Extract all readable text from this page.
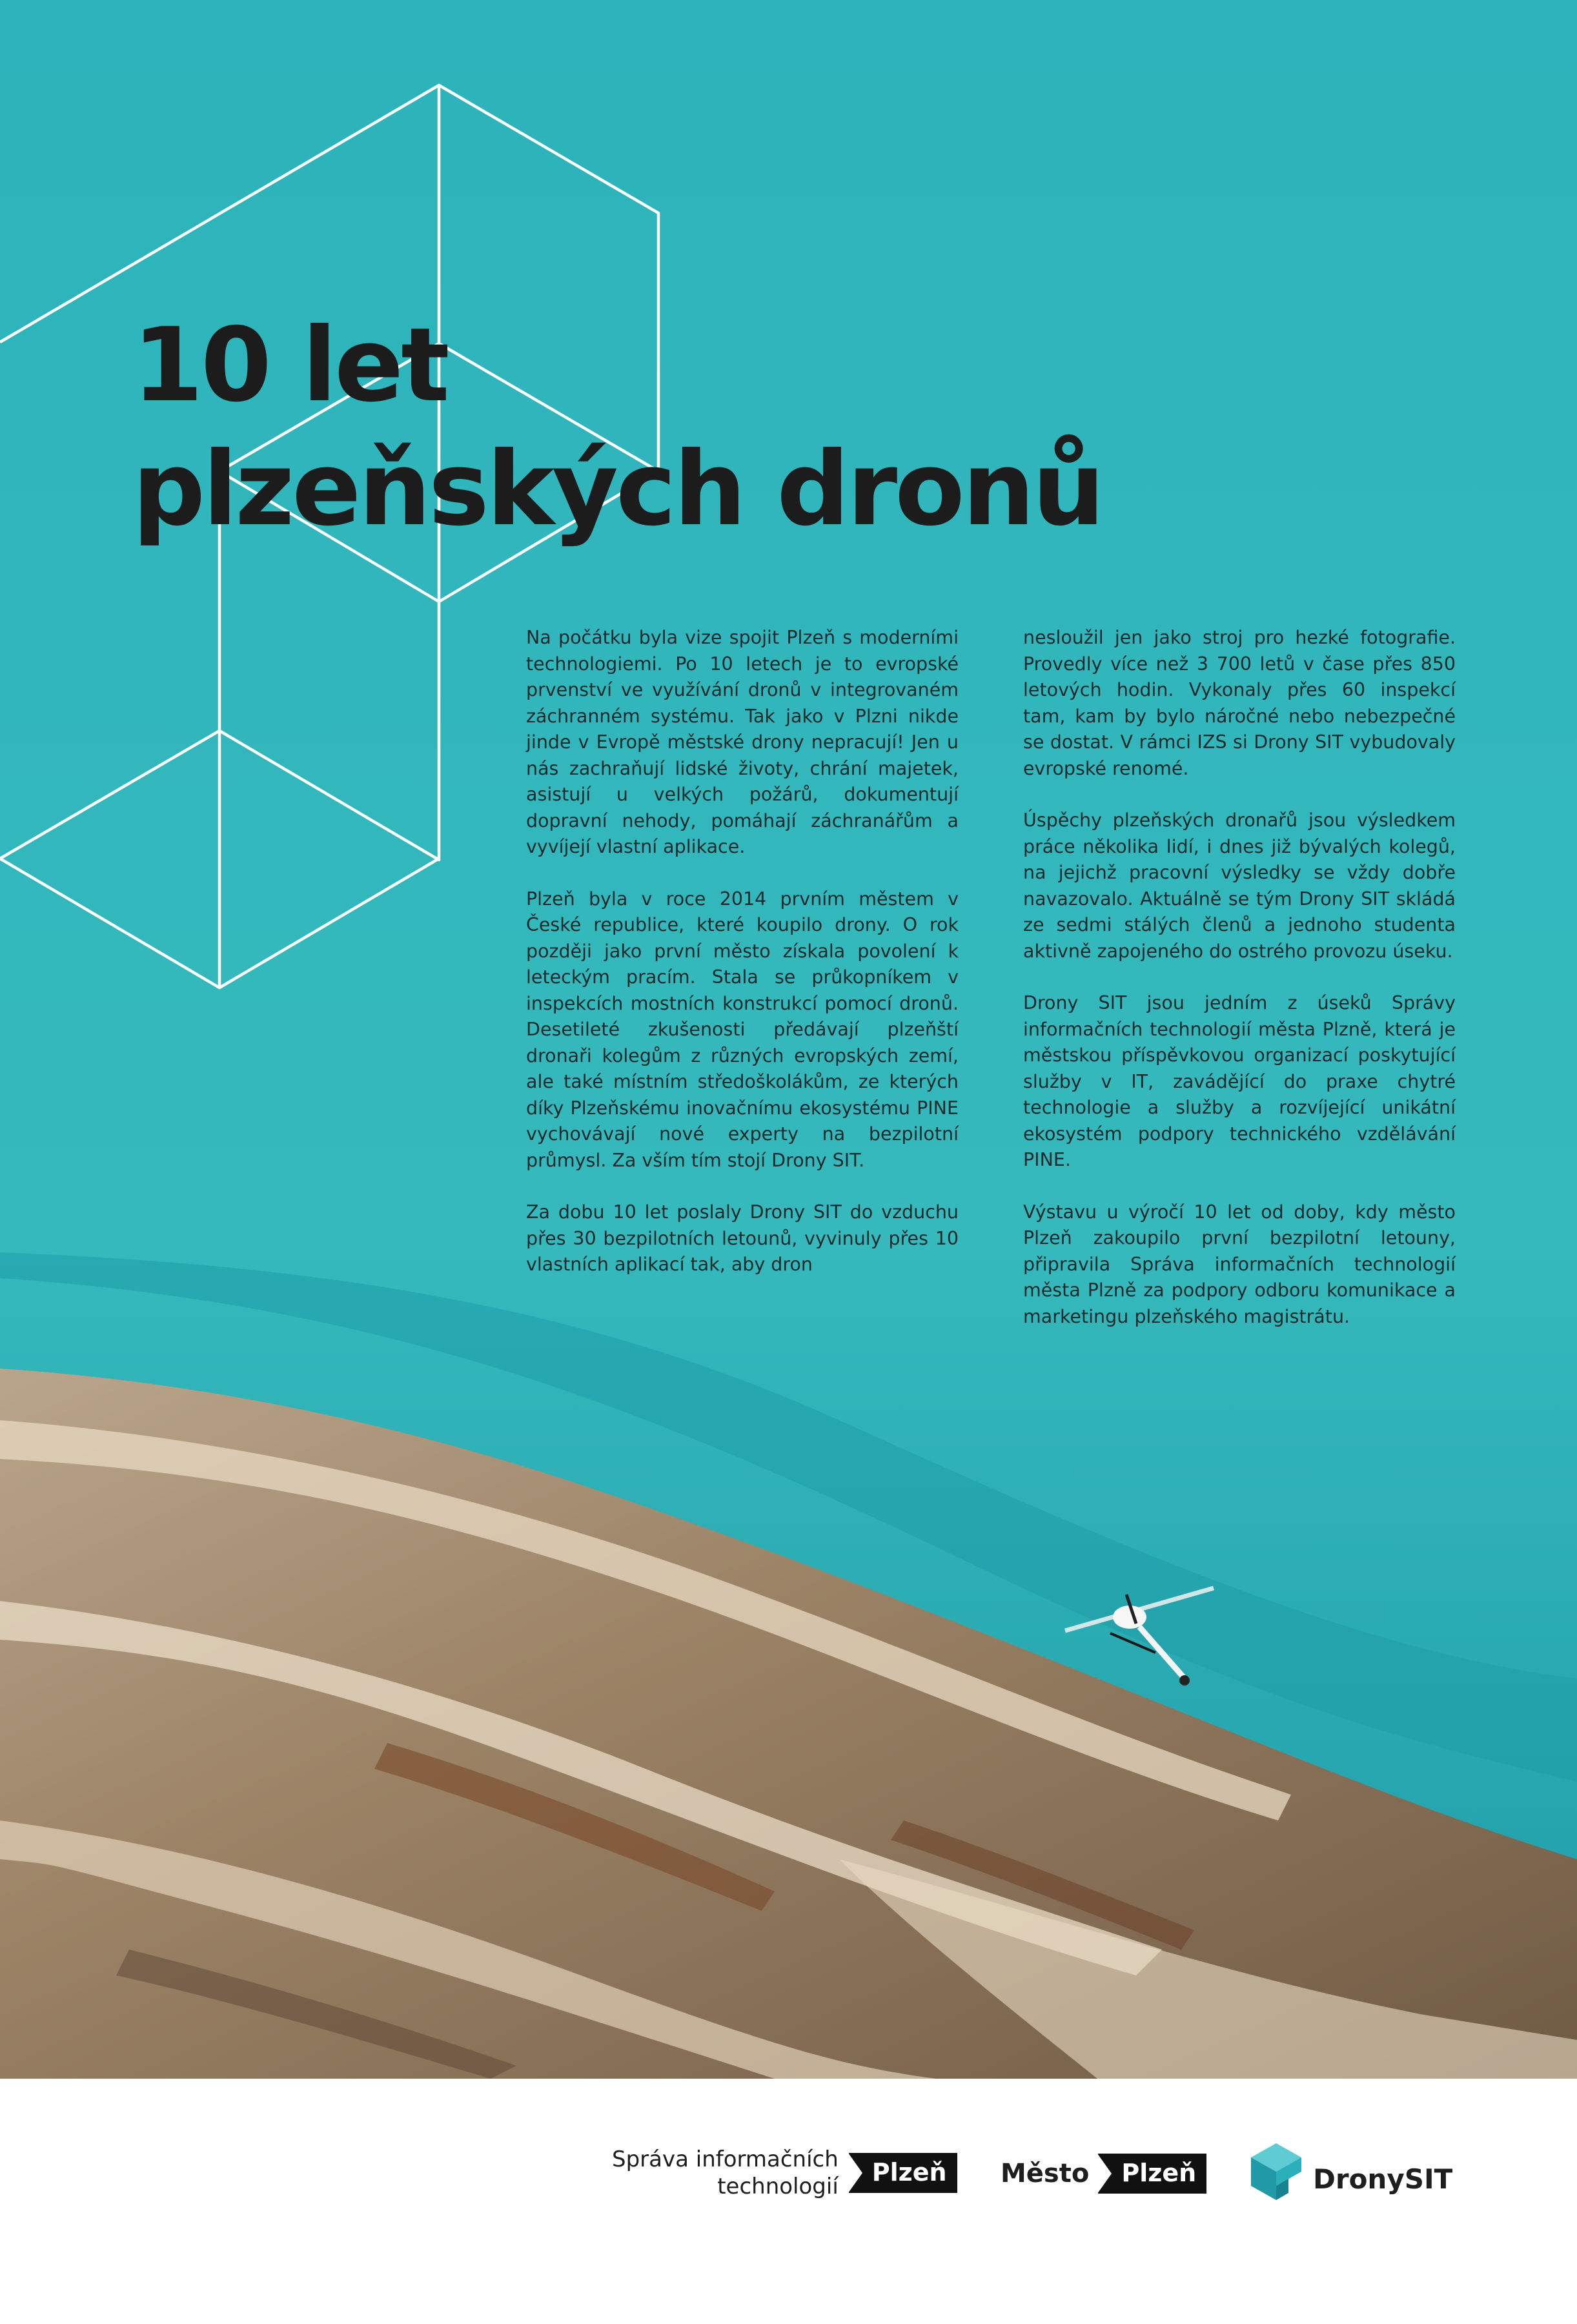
10 let
plzeňských dronů

Na počátku byla vize spojit Plzeň s moderními technologiemi. Po 10 letech je to evropské prvenství ve využívání dronů v integrovaném záchranném systému. Tak jako v Plzni nikde jinde v Evropě městské drony nepracují! Jen u nás zachraňují lidské životy, chrání majetek, asistují u velkých požárů, dokumentují dopravní nehody, pomáhají záchranářům a vyvíjejí vlastní aplikace.

Plzeň byla v roce 2014 prvním městem v České republice, které koupilo drony. O rok později jako první město získala povolení k leteckým pracím. Stala se průkopníkem v inspekcích mostních konstrukcí pomocí dronů. Desetileté zkušenosti předávají plzeňští dronaři kolegům z různých evropských zemí, ale také místním středoškolákům, ze kterých díky Plzeňskému inovačnímu ekosystému PINE vychovávají nové experty na bezpilotní průmysl. Za vším tím stojí Drony SIT.

Za dobu 10 let poslaly Drony SIT do vzduchu přes 30 bezpilotních letounů, vyvinuly přes 10 vlastních aplikací tak, aby dron

nesloužil jen jako stroj pro hezké fotografie. Provedly více než 3 700 letů v čase přes 850 letových hodin. Vykonaly přes 60 inspekcí tam, kam by bylo náročné nebo nebezpečné se dostat. V rámci IZS si Drony SIT vybudovaly evropské renomé.

Úspěchy plzeňských dronařů jsou výsledkem práce několika lidí, i dnes již bývalých kolegů, na jejichž pracovní výsledky se vždy dobře navazovalo. Aktuálně se tým Drony SIT skládá ze sedmi stálých členů a jednoho studenta aktivně zapojeného do ostrého provozu úseku.

Drony SIT jsou jedním z úseků Správy informačních technologií města Plzně, která je městskou příspěvkovou organizací poskytující služby v IT, zavádějící do praxe chytré technologie a služby a rozvíjející unikátní ekosystém podpory technického vzdělávání PINE.

Výstavu u výročí 10 let od doby, kdy město Plzeň zakoupilo první bezpilotní letouny, připravila Správa informačních technologií města Plzně za podpory odboru komunikace a marketingu plzeňského magistrátu.

Správa informačních
technologií	Plzeň	Město	Plzeň	DronySIT
